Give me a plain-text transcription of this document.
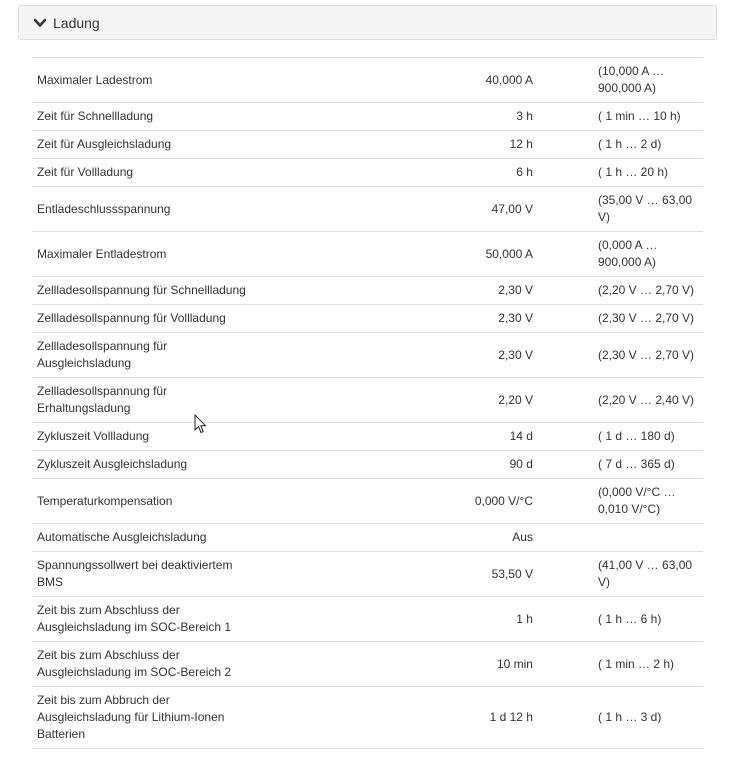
Ladung
Maximaler Ladestrom	40,000 A	(10,000 A …
900,000 A)
Zeit für Schnellladung	3 h	( 1 min … 10 h)
Zeit für Ausgleichsladung	12 h	( 1 h … 2 d)
Zeit für Vollladung	6 h	( 1 h … 20 h)
Entladeschlussspannung	47,00 V	(35,00 V … 63,00
V)
Maximaler Entladestrom	50,000 A	(0,000 A …
900,000 A)
Zellladesollspannung für Schnellladung	2,30 V	(2,20 V … 2,70 V)
Zellladesollspannung für Vollladung	2,30 V	(2,30 V … 2,70 V)
Zellladesollspannung für
Ausgleichsladung	2,30 V	(2,30 V … 2,70 V)
Zellladesollspannung für
Erhaltungsladung	2,20 V	(2,20 V … 2,40 V)
Zykluszeit Vollladung	14 d	( 1 d … 180 d)
Zykluszeit Ausgleichsladung	90 d	( 7 d … 365 d)
Temperaturkompensation	0,000 V/°C	(0,000 V/°C …
0,010 V/°C)
Automatische Ausgleichsladung	Aus	
Spannungssollwert bei deaktiviertem
BMS	53,50 V	(41,00 V … 63,00
V)
Zeit bis zum Abschluss der
Ausgleichsladung im SOC-Bereich 1	1 h	( 1 h … 6 h)
Zeit bis zum Abschluss der
Ausgleichsladung im SOC-Bereich 2	10 min	( 1 min … 2 h)
Zeit bis zum Abbruch der
Ausgleichsladung für Lithium-Ionen
Batterien	1 d 12 h	( 1 h … 3 d)
